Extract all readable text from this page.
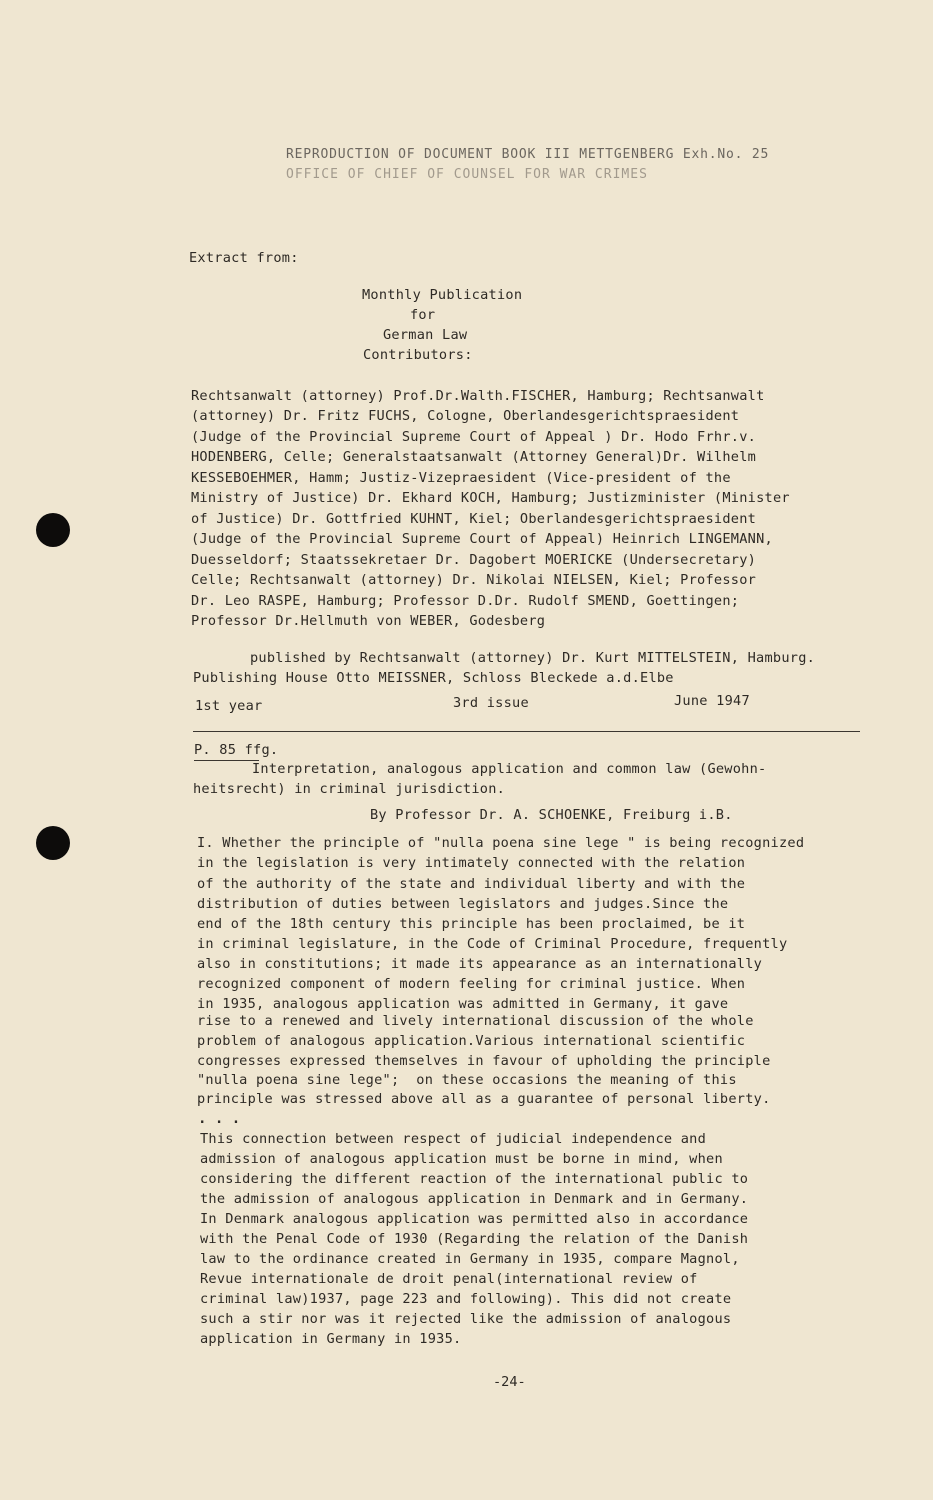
REPRODUCTION OF DOCUMENT BOOK III METTGENBERG Exh.No. 25
OFFICE OF CHIEF OF COUNSEL FOR WAR CRIMES
Extract from:
Monthly Publication
for
German Law
Contributors:
Rechtsanwalt (attorney) Prof.Dr.Walth.FISCHER, Hamburg; Rechtsanwalt
(attorney) Dr. Fritz FUCHS, Cologne, Oberlandesgerichtspraesident
(Judge of the Provincial Supreme Court of Appeal ) Dr. Hodo Frhr.v.
HODENBERG, Celle; Generalstaatsanwalt (Attorney General)Dr. Wilhelm
KESSEBOEHMER, Hamm; Justiz-Vizepraesident (Vice-president of the
Ministry of Justice) Dr. Ekhard KOCH, Hamburg; Justizminister (Minister
of Justice) Dr. Gottfried KUHNT, Kiel; Oberlandesgerichtspraesident
(Judge of the Provincial Supreme Court of Appeal) Heinrich LINGEMANN,
Duesseldorf; Staatssekretaer Dr. Dagobert MOERICKE (Undersecretary)
Celle; Rechtsanwalt (attorney) Dr. Nikolai NIELSEN, Kiel; Professor
Dr. Leo RASPE, Hamburg; Professor D.Dr. Rudolf SMEND, Goettingen;
Professor Dr.Hellmuth von WEBER, Godesberg
published by Rechtsanwalt (attorney) Dr. Kurt MITTELSTEIN, Hamburg.
Publishing House Otto MEISSNER, Schloss Bleckede a.d.Elbe
1st year	3rd issue	June 1947
P. 85 ffg.
Interpretation, analogous application and common law (Gewohn-
heitsrecht) in criminal jurisdiction.
By Professor Dr. A. SCHOENKE, Freiburg i.B.
I. Whether the principle of "nulla poena sine lege " is being recognized
in the legislation is very intimately connected with the relation
of the authority of the state and individual liberty and with the
distribution of duties between legislators and judges.Since the
end of the 18th century this principle has been proclaimed, be it
in criminal legislature, in the Code of Criminal Procedure, frequently
also in constitutions; it made its appearance as an internationally
recognized component of modern feeling for criminal justice. When
in 1935, analogous application was admitted in Germany, it gave
rise to a renewed and lively international discussion of the whole
problem of analogous application.Various international scientific
congresses expressed themselves in favour of upholding the principle
"nulla poena sine lege";  on these occasions the meaning of this
principle was stressed above all as a guarantee of personal liberty.
. . .
This connection between respect of judicial independence and
admission of analogous application must be borne in mind, when
considering the different reaction of the international public to
the admission of analogous application in Denmark and in Germany.
In Denmark analogous application was permitted also in accordance
with the Penal Code of 1930 (Regarding the relation of the Danish
law to the ordinance created in Germany in 1935, compare Magnol,
Revue internationale de droit penal(international review of
criminal law)1937, page 223 and following). This did not create
such a stir nor was it rejected like the admission of analogous
application in Germany in 1935.
-24-
